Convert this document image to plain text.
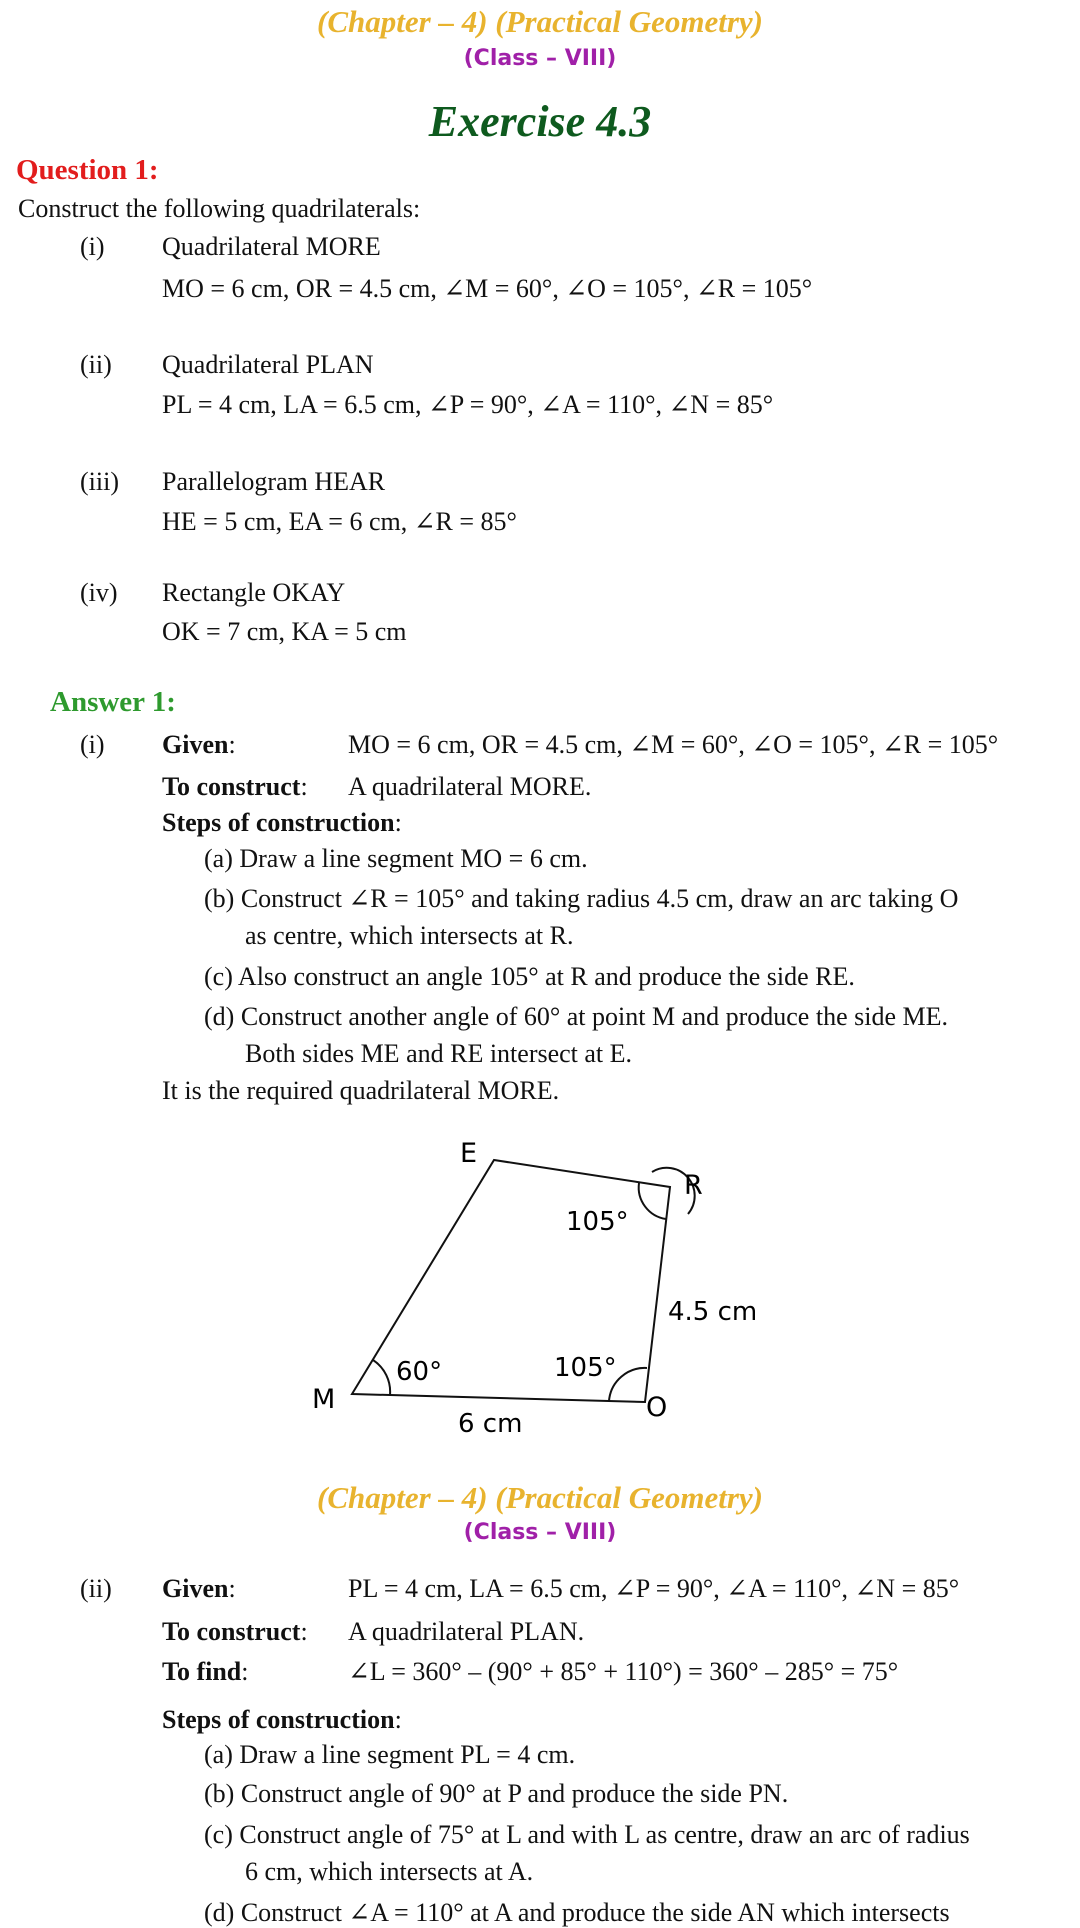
(Chapter – 4) (Practical Geometry)
(Class – VIII)
Exercise 4.3
Question 1:
Construct the following quadrilaterals:
(i) Quadrilateral MORE
MO = 6 cm, OR = 4.5 cm, ∠M = 60°, ∠O = 105°, ∠R = 105°
(ii) Quadrilateral PLAN
PL = 4 cm, LA = 6.5 cm, ∠P = 90°, ∠A = 110°, ∠N = 85°
(iii) Parallelogram HEAR
HE = 5 cm, EA = 6 cm, ∠R = 85°
(iv) Rectangle OKAY
OK = 7 cm, KA = 5 cm
Answer 1:
(i) Given:	MO = 6 cm, OR = 4.5 cm, ∠M = 60°, ∠O = 105°, ∠R = 105°
To construct: A quadrilateral MORE.
Steps of construction:
(a) Draw a line segment MO = 6 cm.
(b) Construct ∠R = 105° and taking radius 4.5 cm, draw an arc taking O
as centre, which intersects at R.
(c) Also construct an angle 105° at R and produce the side RE.
(d) Construct another angle of 60° at point M and produce the side ME.
Both sides ME and RE intersect at E.
It is the required quadrilateral MORE.
E
R
M	O
105°
105°
60°
4.5 cm
6 cm
(Chapter – 4) (Practical Geometry)
(Class – VIII)
(ii) Given:	PL = 4 cm, LA = 6.5 cm, ∠P = 90°, ∠A = 110°, ∠N = 85°
To construct: A quadrilateral PLAN.
To find:	∠L = 360° – (90° + 85° + 110°) = 360° – 285° = 75°
Steps of construction:
(a) Draw a line segment PL = 4 cm.
(b) Construct angle of 90° at P and produce the side PN.
(c) Construct angle of 75° at L and with L as centre, draw an arc of radius
6 cm, which intersects at A.
(d) Construct ∠A = 110° at A and produce the side AN which intersects
